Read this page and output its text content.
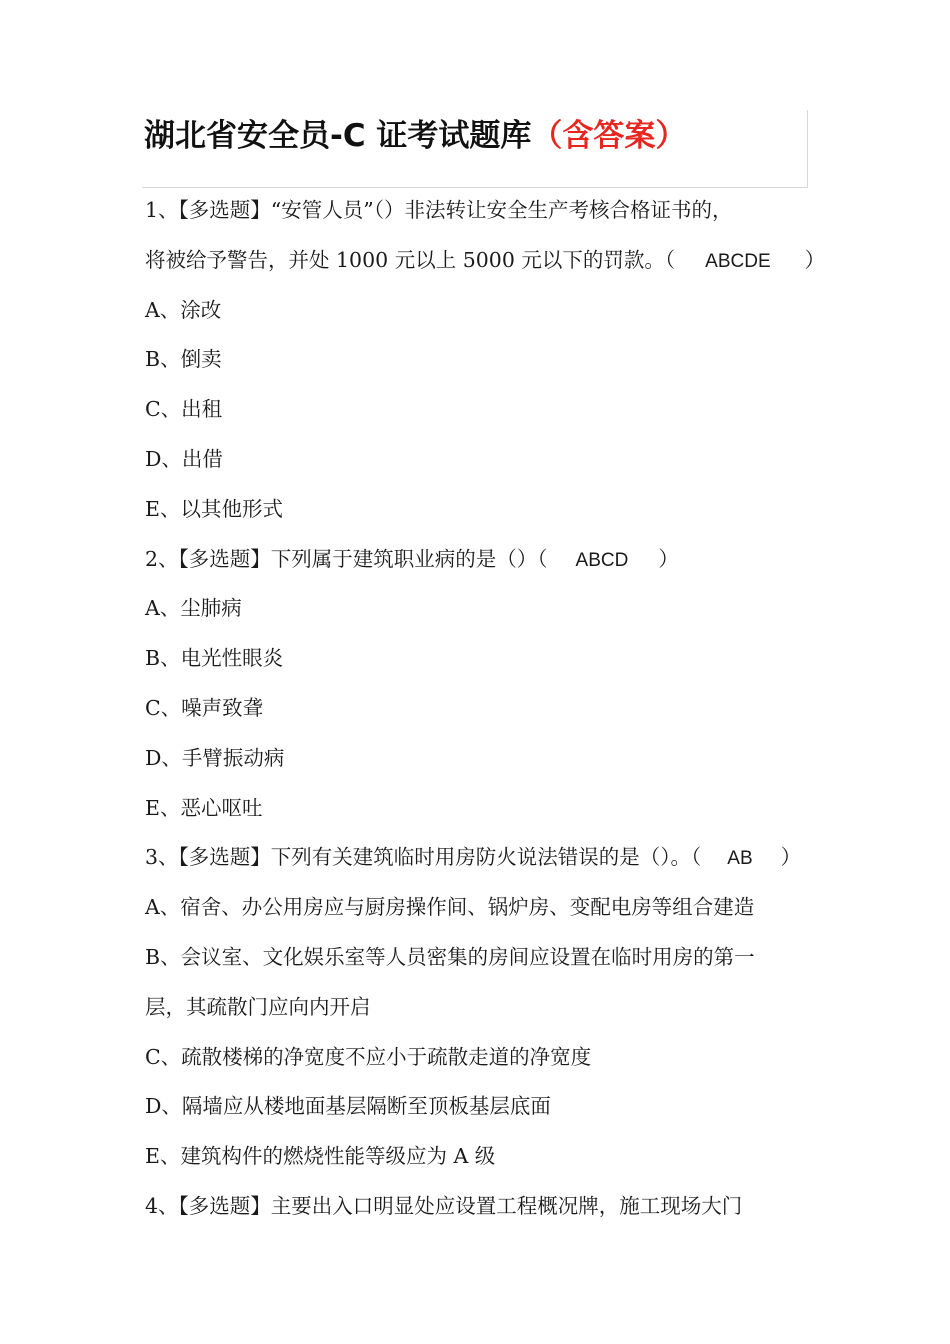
湖北省安全员-C 证考试题库（含答案）
1、【多选题】“安管人员”（）非法转让安全生产考核合格证书的，
将被给予警告，并处 1000 元以上 5000 元以下的罚款。（ ABCDE ）
A、涂改
B、倒卖
C、出租
D、出借
E、以其他形式
2、【多选题】下列属于建筑职业病的是（）（ ABCD ）
A、尘肺病
B、电光性眼炎
C、噪声致聋
D、手臂振动病
E、恶心呕吐
3、【多选题】下列有关建筑临时用房防火说法错误的是（）。（ AB ）
A、宿舍、办公用房应与厨房操作间、锅炉房、变配电房等组合建造
B、会议室、文化娱乐室等人员密集的房间应设置在临时用房的第一
层，其疏散门应向内开启
C、疏散楼梯的净宽度不应小于疏散走道的净宽度
D、隔墙应从楼地面基层隔断至顶板基层底面
E、建筑构件的燃烧性能等级应为 A 级
4、【多选题】主要出入口明显处应设置工程概况牌，施工现场大门
